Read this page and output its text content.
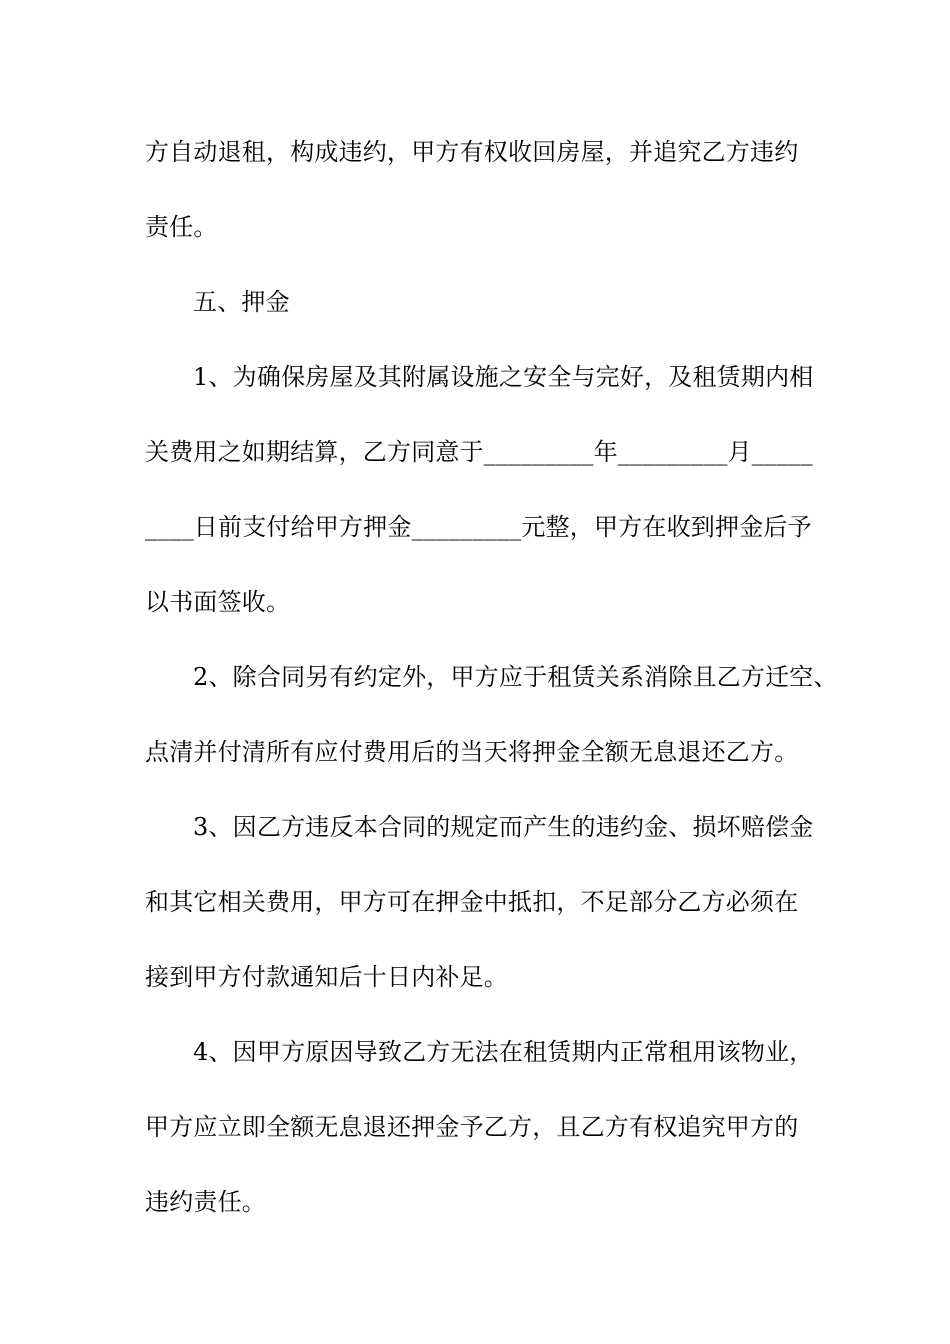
方自动退租，构成违约，甲方有权收回房屋，并追究乙方违约
责任。
五、押金
1、为确保房屋及其附属设施之安全与完好，及租赁期内相
关费用之如期结算，乙方同意于_________年_________月_____
____日前支付给甲方押金_________元整，甲方在收到押金后予
以书面签收。
2、除合同另有约定外，甲方应于租赁关系消除且乙方迁空、
点清并付清所有应付费用后的当天将押金全额无息退还乙方。
3、因乙方违反本合同的规定而产生的违约金、损坏赔偿金
和其它相关费用，甲方可在押金中抵扣，不足部分乙方必须在
接到甲方付款通知后十日内补足。
4、因甲方原因导致乙方无法在租赁期内正常租用该物业，
甲方应立即全额无息退还押金予乙方，且乙方有权追究甲方的
违约责任。
